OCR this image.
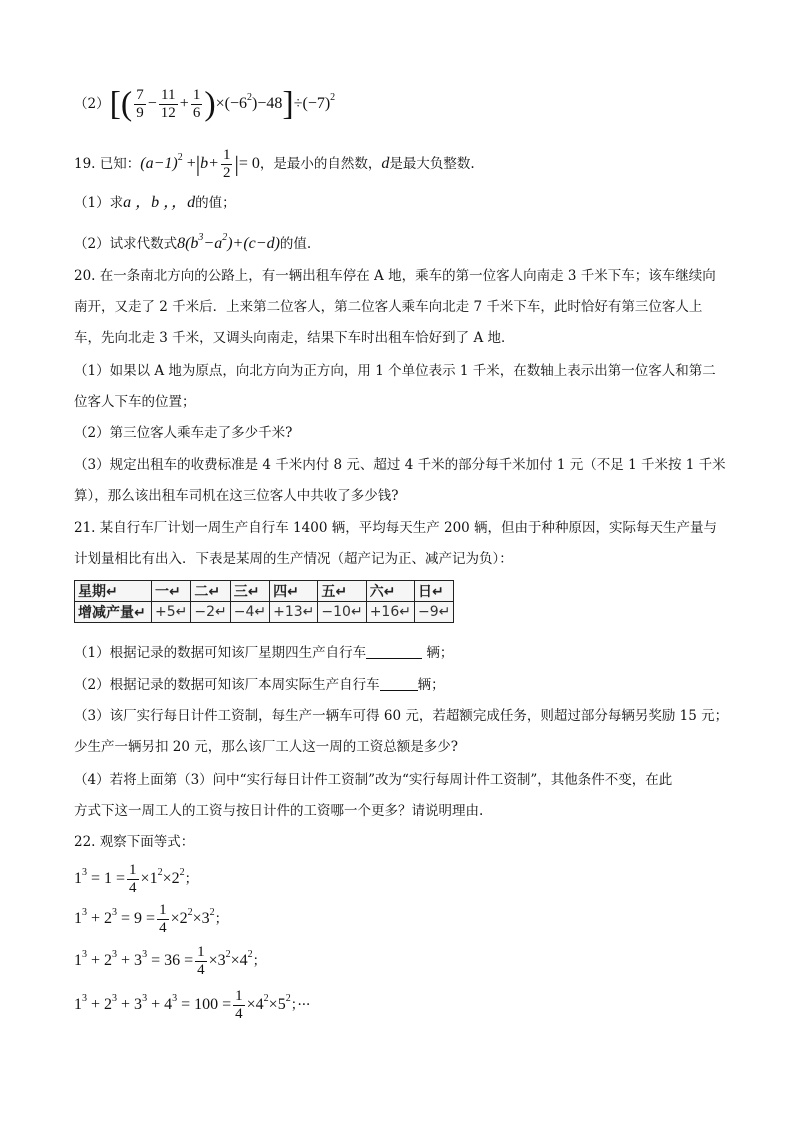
$(2)[( \frac{7}{9} - \frac{11}{12} + \frac{1}{6} )\times(-6^2)-48]\div(-7)^2$
19. 已知：$(a-1)^2 +|b+ \frac{1}{2}$ |= 0，是最小的自然数，d是最大负整数.
（1）求a ，b ，，d的值；
（2）试求代数式$8(b^3-a^2)+(c-d)$的值.
20. 在一条南北方向的公路上，有一辆出租车停在 A 地，乘车的第一位客人向南走 3 千米下车；该车继续向
南开，又走了 2 千米后．上来第二位客人，第二位客人乘车向北走 7 千米下车，此时恰好有第三位客人上
车，先向北走 3 千米，又调头向南走，结果下车时出租车恰好到了 A 地．
（1）如果以 A 地为原点，向北方向为正方向，用 1 个单位表示 1 千米，在数轴上表示出第一位客人和第二
位客人下车的位置；
（2）第三位客人乘车走了多少千米?
（3）规定出租车的收费标准是 4 千米内付 8 元、超过 4 千米的部分每千米加付 1 元（不足 1 千米按 1 千米
算），那么该出租车司机在这三位客人中共收了多少钱?
21. 某自行车厂计划一周生产自行车 1400 辆，平均每天生产 200 辆，但由于种种原因，实际每天生产量与
计划量相比有出入．下表是某周的生产情况（超产记为正、减产记为负）：
星期↵	一↵	二↵	三↵	四↵	五↵	六↵	日↵
增减产量↵	+5↵	−2↵	−4↵	+13↵	−10↵	+16↵	−9↵
（1）根据记录的数据可知该厂星期四生产自行车	辆；
（2）根据记录的数据可知该厂本周实际生产自行车	辆；
（3）该厂实行每日计件工资制，每生产一辆车可得 60 元，若超额完成任务，则超过部分每辆另奖励 15 元；
少生产一辆另扣 20 元，那么该厂工人这一周的工资总额是多少?
（4）若将上面第（3）问中“实行每日计件工资制”改为“实行每周计件工资制”，其他条件不变，在此
方式下这一周工人的工资与按日计件的工资哪一个更多？请说明理由.
22. 观察下面等式：
$1^3 = 1 = \frac{1}{4} \times 1^2\times 2^2$；
$1^3 + 2^3 = 9 = \frac{1}{4} \times 2^2\times 3^2$；
$1^3 + 2^3 + 3^3 = 36 = \frac{1}{4} \times 3^2\times 4^2$；
$1^3 + 2^3 + 3^3 + 4^3 = 100 = \frac{1}{4} \times 4^2\times 5^2$；···
